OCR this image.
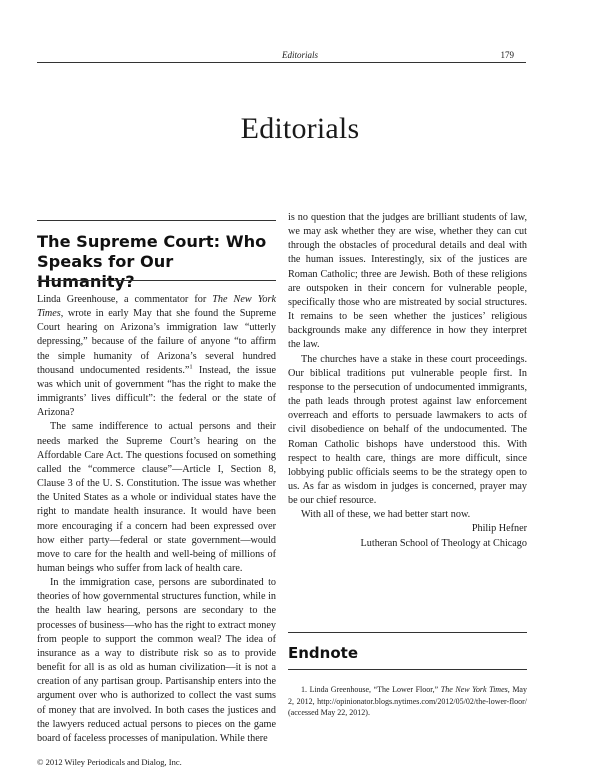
Editorials	179
Editorials
The Supreme Court: Who Speaks for Our Humanity?

Linda Greenhouse, a commentator for The New York Times, wrote in early May that she found the Supreme Court hearing on Arizona’s immigration law “utterly depressing,” because of the failure of anyone “to affirm the simple humanity of Arizona’s several hundred thousand undocumented residents.”$^1$ Instead, the issue was which unit of government “has the right to make the immigrants’ lives difficult”: the federal or the state of Arizona?

The same indifference to actual persons and their needs marked the Supreme Court’s hearing on the Affordable Care Act. The questions focused on something called the “commerce clause”—Article I, Section 8, Clause 3 of the U. S. Constitution. The issue was whether the United States as a whole or individual states have the right to mandate health insurance. It would have been more encouraging if a concern had been expressed over how either party—federal or state government—would move to care for the health and well-being of millions of human beings who suffer from lack of health care.

In the immigration case, persons are subordinated to theories of how governmental structures function, while in the health law hearing, persons are secondary to the processes of business—who has the right to extract money from people to support the common weal? The idea of insurance as a way to distribute risk so as to provide benefit for all is as old as human civilization—it is not a creation of any partisan group. Partisanship enters into the argument over who is authorized to collect the vast sums of money that are involved. In both cases the justices and the lawyers reduced actual persons to pieces on the game board of faceless processes of manipulation. While there

is no question that the judges are brilliant students of law, we may ask whether they are wise, whether they can cut through the obstacles of procedural details and deal with the human issues. Interestingly, six of the justices are Roman Catholic; three are Jewish. Both of these religions are outspoken in their concern for vulnerable people, specifically those who are mistreated by social structures. It remains to be seen whether the justices’ religious backgrounds make any difference in how they interpret the law.

The churches have a stake in these court proceedings. Our biblical traditions put vulnerable people first. In response to the persecution of undocumented immigrants, the path leads through protest against law enforcement overreach and efforts to persuade lawmakers to acts of civil disobedience on behalf of the undocumented. The Roman Catholic bishops have understood this. With respect to health care, things are more difficult, since lobbying public officials seems to be the strategy open to us. As far as wisdom in judges is concerned, prayer may be our chief resource.

With all of these, we had better start now.

Philip Hefner

Lutheran School of Theology at Chicago

Endnote

1. Linda Greenhouse, “The Lower Floor,” The New York Times, May 2, 2012, http://opinionator.blogs.nytimes.com/2012/05/02/the-lower-floor/ (accessed May 22, 2012).

© 2012 Wiley Periodicals and Dialog, Inc.
